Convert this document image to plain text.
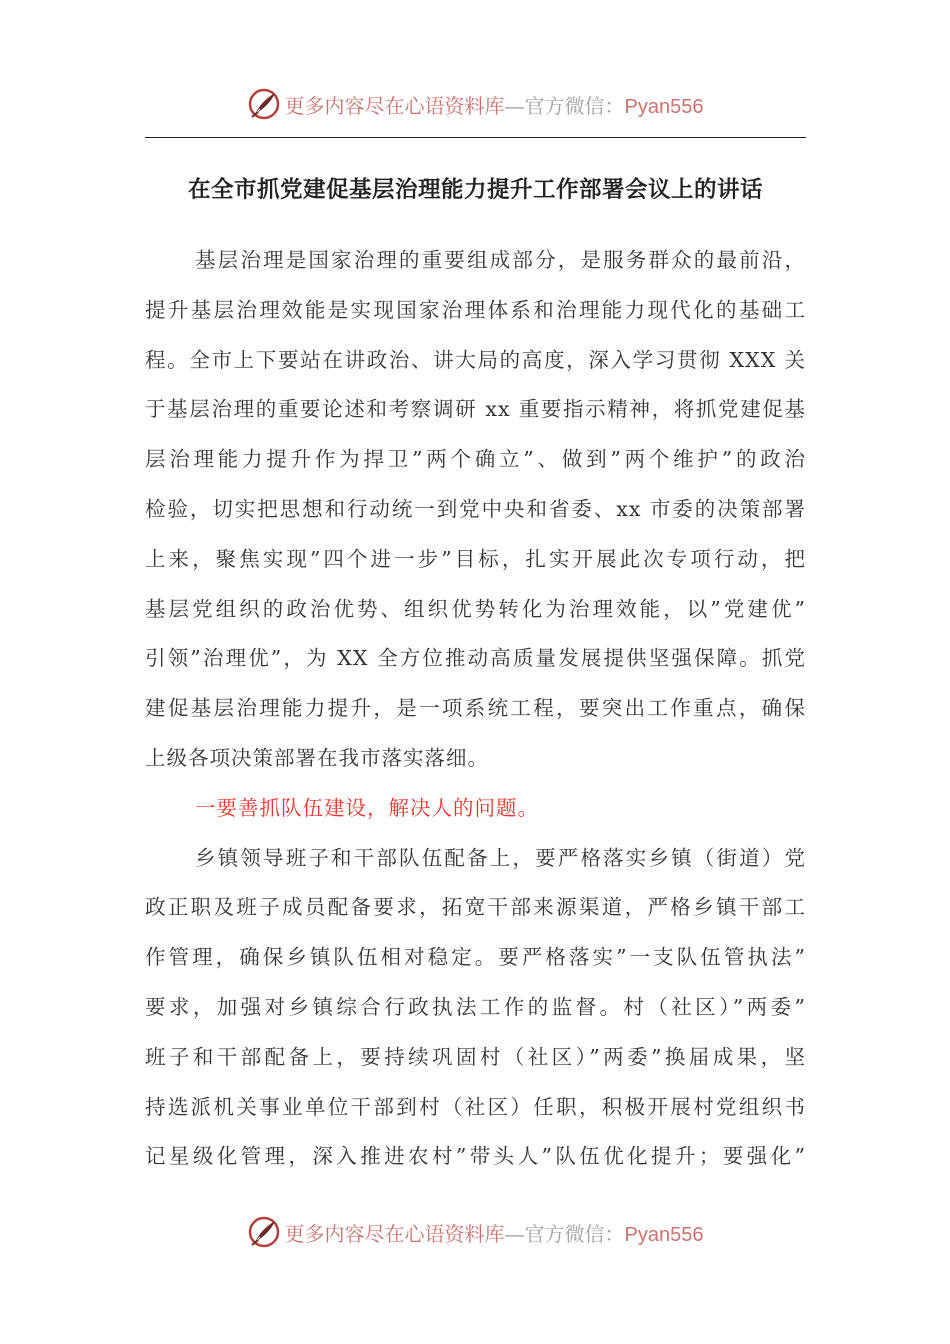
更多内容尽在心语资料库—官方微信：Pyan556
在全市抓党建促基层治理能力提升工作部署会议上的讲话
基层治理是国家治理的重要组成部分，是服务群众的最前沿，
提升基层治理效能是实现国家治理体系和治理能力现代化的基础工
程。全市上下要站在讲政治、讲大局的高度，深入学习贯彻 XXX 关
于基层治理的重要论述和考察调研 xx 重要指示精神，将抓党建促基
层治理能力提升作为捍卫”两个确立”、做到”两个维护”的政治
检验，切实把思想和行动统一到党中央和省委、xx 市委的决策部署
上来，聚焦实现”四个进一步”目标，扎实开展此次专项行动，把
基层党组织的政治优势、组织优势转化为治理效能，以”党建优”
引领”治理优”，为 XX 全方位推动高质量发展提供坚强保障。抓党
建促基层治理能力提升，是一项系统工程，要突出工作重点，确保
上级各项决策部署在我市落实落细。
一要善抓队伍建设，解决人的问题。
乡镇领导班子和干部队伍配备上，要严格落实乡镇（街道）党
政正职及班子成员配备要求，拓宽干部来源渠道，严格乡镇干部工
作管理，确保乡镇队伍相对稳定。要严格落实”一支队伍管执法”
要求，加强对乡镇综合行政执法工作的监督。村（社区）”两委”
班子和干部配备上，要持续巩固村（社区）”两委”换届成果，坚
持选派机关事业单位干部到村（社区）任职，积极开展村党组织书
记星级化管理，深入推进农村”带头人”队伍优化提升；要强化”
更多内容尽在心语资料库—官方微信：Pyan556
